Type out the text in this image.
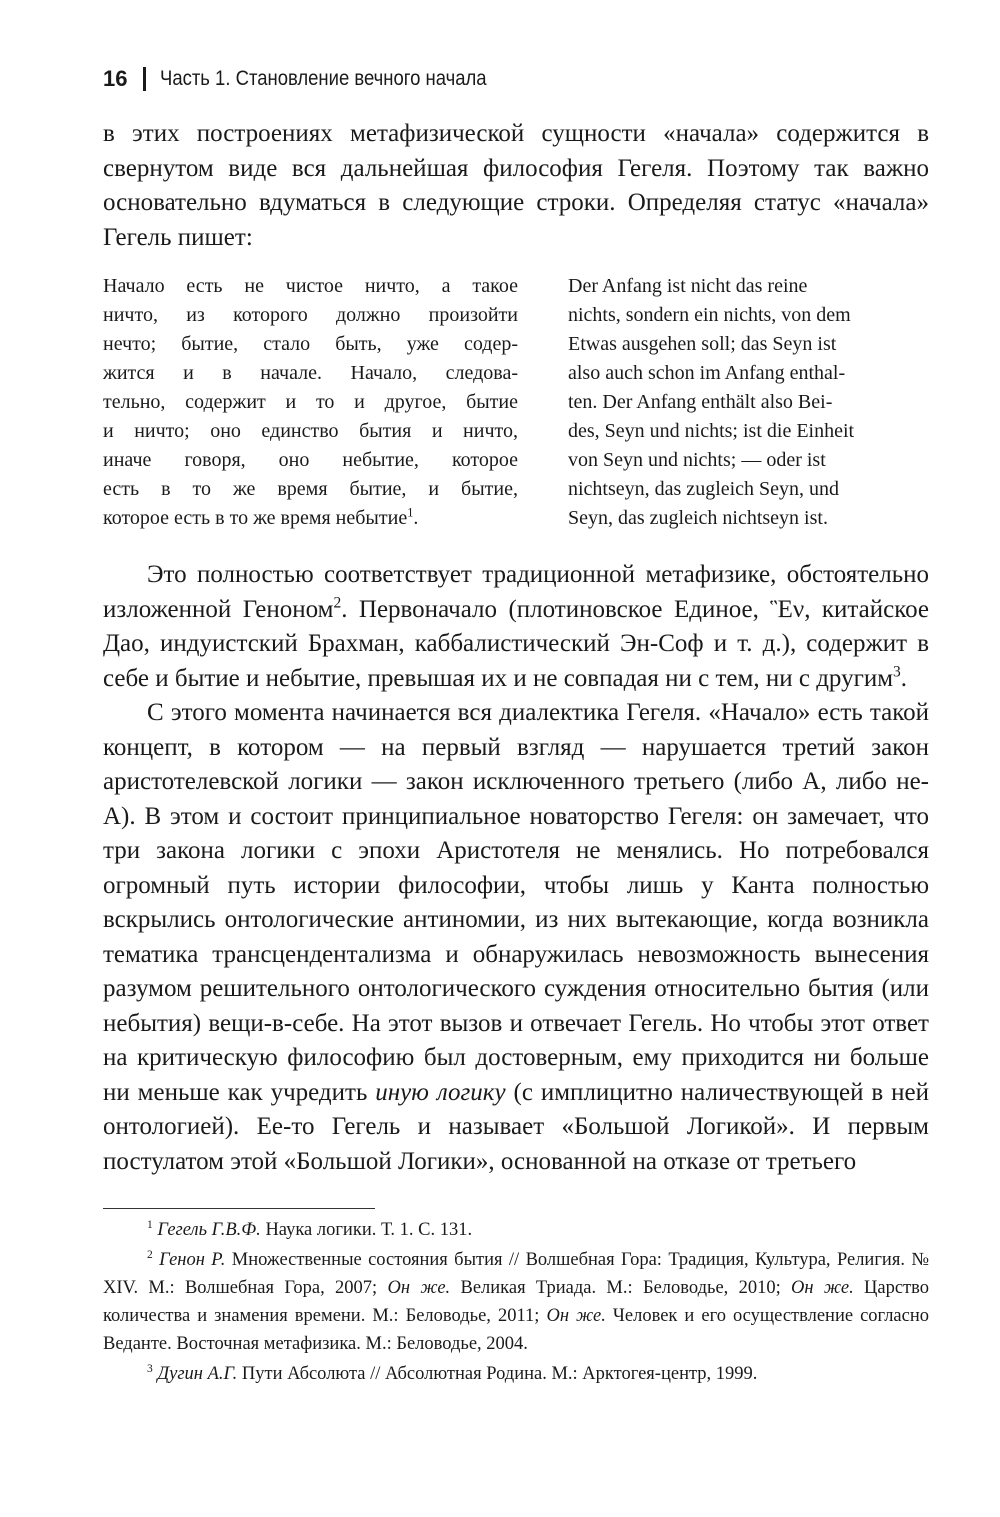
16 Часть 1. Становление вечного начала

в этих построениях метафизической сущности «начала» содержится в свернутом виде вся дальнейшая философия Гегеля. Поэтому так важно основательно вдуматься в следующие строки. Определяя статус «начала» Гегель пишет:

Начало есть не чистое ничто, а такое
ничто, из которого должно произойти
нечто; бытие, стало быть, уже содер-
жится и в начале. Начало, следова-
тельно, содержит и то и другое, бытие
и ничто; оно единство бытия и ничто,
иначе говоря, оно небытие, которое
есть в то же время бытие, и бытие,
которое есть в то же время небытие$^1$.
Der Anfang ist nicht das reine
nichts, sondern ein nichts, von dem
Etwas ausgehen soll; das Seyn ist
also auch schon im Anfang enthal-
ten. Der Anfang enthält also Bei-
des, Seyn und nichts; ist die Einheit
von Seyn und nichts; — oder ist
nichtseyn, das zugleich Seyn, und
Seyn, das zugleich nichtseyn ist.

Это полностью соответствует традиционной метафизике, обстоятельно изложенной Геноном$^2$. Первоначало (плотиновское Единое, Ἓν, китайское Дао, индуистский Брахман, каббалистический Эн-Соф и т. д.), содержит в себе и бытие и небытие, превышая их и не совпадая ни с тем, ни с другим$^3$.

С этого момента начинается вся диалектика Гегеля. «Начало» есть такой концепт, в котором — на первый взгляд — нарушается третий закон аристотелевской логики — закон исключенного третьего (либо А, либо не-А). В этом и состоит принципиальное новаторство Гегеля: он замечает, что три закона логики с эпохи Аристотеля не менялись. Но потребовался огромный путь истории философии, чтобы лишь у Канта полностью вскрылись онтологические антиномии, из них вытекающие, когда возникла тематика трансцендентализма и обнаружилась невозможность вынесения разумом решительного онтологического суждения относительно бытия (или небытия) вещи-в-себе. На этот вызов и отвечает Гегель. Но чтобы этот ответ на критическую философию был достоверным, ему приходится ни больше ни меньше как учредить иную логику (с имплицитно наличествующей в ней онтологией). Ее-то Гегель и называет «Большой Логикой». И первым постулатом этой «Большой Логики», основанной на отказе от третьего

$^1$ Гегель Г.В.Ф. Наука логики. Т. 1. С. 131.

$^2$ Генон Р. Множественные состояния бытия // Волшебная Гора: Традиция, Культура, Религия. № XIV. М.: Волшебная Гора, 2007; Он же. Великая Триада. М.: Беловодье, 2010; Он же. Царство количества и знамения времени. М.: Беловодье, 2011; Он же. Человек и его осуществление согласно Веданте. Восточная метафизика. М.: Беловодье, 2004.

$^3$ Дугин А.Г. Пути Абсолюта // Абсолютная Родина. М.: Арктогея-центр, 1999.
